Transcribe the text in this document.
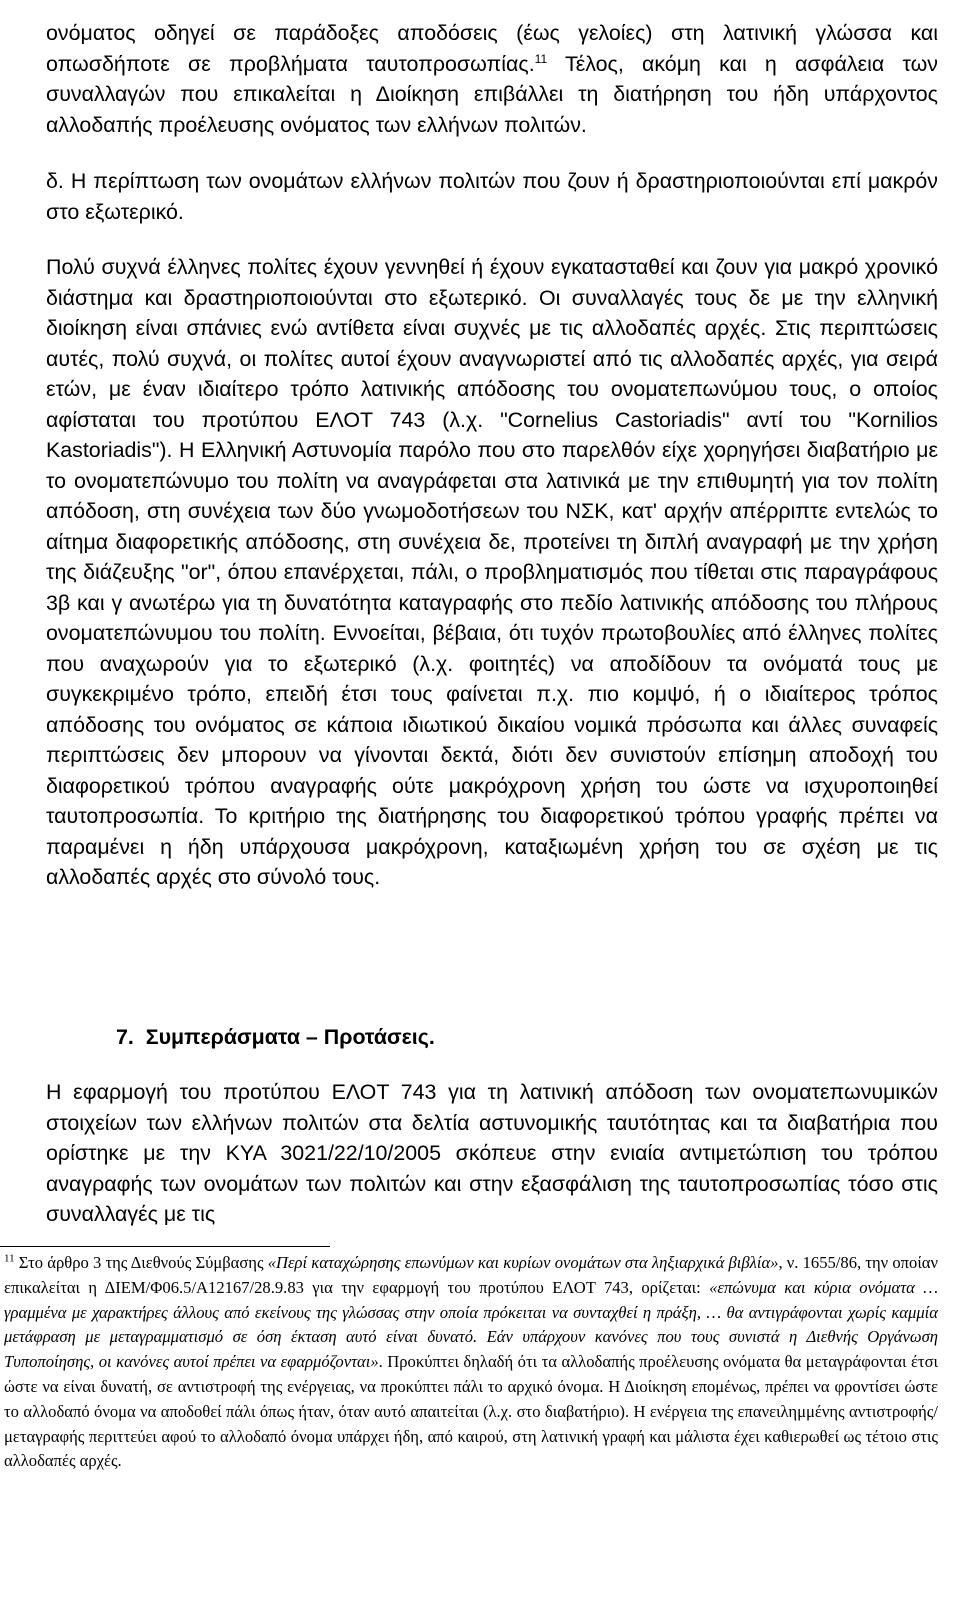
ονόματος οδηγεί σε παράδοξες αποδόσεις (έως γελοίες) στη λατινική γλώσσα και οπωσδήποτε σε προβλήματα ταυτοπροσωπίας.$^{11}$ Τέλος, ακόμη και η ασφάλεια των συναλλαγών που επικαλείται η Διοίκηση επιβάλλει τη διατήρηση του ήδη υπάρχοντος αλλοδαπής προέλευσης ονόματος των ελλήνων πολιτών.
δ. Η περίπτωση των ονομάτων ελλήνων πολιτών που ζουν ή δραστηριοποιούνται επί μακρόν στο εξωτερικό.
Πολύ συχνά έλληνες πολίτες έχουν γεννηθεί ή έχουν εγκατασταθεί και ζουν για μακρό χρονικό διάστημα και δραστηριοποιούνται στο εξωτερικό. Οι συναλλαγές τους δε με την ελληνική διοίκηση είναι σπάνιες ενώ αντίθετα είναι συχνές με τις αλλοδαπές αρχές. Στις περιπτώσεις αυτές, πολύ συχνά, οι πολίτες αυτοί έχουν αναγνωριστεί από τις αλλοδαπές αρχές, για σειρά ετών, με έναν ιδιαίτερο τρόπο λατινικής απόδοσης του ονοματεπωνύμου τους, ο οποίος αφίσταται του προτύπου ΕΛΟΤ 743 (λ.χ. "Cornelius Castoriadis" αντί του "Kornilios Kastoriadis"). Η Ελληνική Αστυνομία παρόλο που στο παρελθόν είχε χορηγήσει διαβατήριο με το ονοματεπώνυμο του πολίτη να αναγράφεται στα λατινικά με την επιθυμητή για τον πολίτη απόδοση, στη συνέχεια των δύο γνωμοδοτήσεων του ΝΣΚ, κατ' αρχήν απέρριπτε εντελώς το αίτημα διαφορετικής απόδοσης, στη συνέχεια δε, προτείνει τη διπλή αναγραφή με την χρήση της διάζευξης "or", όπου επανέρχεται, πάλι, ο προβληματισμός που τίθεται στις παραγράφους 3β και γ ανωτέρω για τη δυνατότητα καταγραφής στο πεδίο λατινικής απόδοσης του πλήρους ονοματεπώνυμου του πολίτη. Εννοείται, βέβαια, ότι τυχόν πρωτοβουλίες από έλληνες πολίτες που αναχωρούν για το εξωτερικό (λ.χ. φοιτητές) να αποδίδουν τα ονόματά τους με συγκεκριμένο τρόπο, επειδή έτσι τους φαίνεται π.χ. πιο κομψό, ή ο ιδιαίτερος τρόπος απόδοσης του ονόματος σε κάποια ιδιωτικού δικαίου νομικά πρόσωπα και άλλες συναφείς περιπτώσεις δεν μπορουν να γίνονται δεκτά, διότι δεν συνιστούν επίσημη αποδοχή του διαφορετικού τρόπου αναγραφής ούτε μακρόχρονη χρήση του ώστε να ισχυροποιηθεί ταυτοπροσωπία. Το κριτήριο της διατήρησης του διαφορετικού τρόπου γραφής πρέπει να παραμένει η ήδη υπάρχουσα μακρόχρονη, καταξιωμένη χρήση του σε σχέση με τις αλλοδαπές αρχές στο σύνολό τους.
7. Συμπεράσματα – Προτάσεις.
Η εφαρμογή του προτύπου ΕΛΟΤ 743 για τη λατινική απόδοση των ονοματεπωνυμικών στοιχείων των ελλήνων πολιτών στα δελτία αστυνομικής ταυτότητας και τα διαβατήρια που ορίστηκε με την ΚΥΑ 3021/22/10/2005 σκόπευε στην ενιαία αντιμετώπιση του τρόπου αναγραφής των ονομάτων των πολιτών και στην εξασφάλιση της ταυτοπροσωπίας τόσο στις συναλλαγές με τις
$^{11}$ Στο άρθρο 3 της Διεθνούς Σύμβασης «Περί καταχώρησης επωνύμων και κυρίων ονομάτων στα ληξιαρχικά βιβλία», ν. 1655/86, την οποίαν επικαλείται η ΔΙΕΜ/Φ06.5/Α12167/28.9.83 για την εφαρμογή του προτύπου ΕΛΟΤ 743, ορίζεται: «επώνυμα και κύρια ονόματα … γραμμένα με χαρακτήρες άλλους από εκείνους της γλώσσας στην οποία πρόκειται να συνταχθεί η πράξη, … θα αντιγράφονται χωρίς καμμία μετάφραση με μεταγραμματισμό σε όση έκταση αυτό είναι δυνατό. Εάν υπάρχουν κανόνες που τους συνιστά η Διεθνής Οργάνωση Τυποποίησης, οι κανόνες αυτοί πρέπει να εφαρμόζονται». Προκύπτει δηλαδή ότι τα αλλοδαπής προέλευσης ονόματα θα μεταγράφονται έτσι ώστε να είναι δυνατή, σε αντιστροφή της ενέργειας, να προκύπτει πάλι το αρχικό όνομα. Η Διοίκηση επομένως, πρέπει να φροντίσει ώστε το αλλοδαπό όνομα να αποδοθεί πάλι όπως ήταν, όταν αυτό απαιτείται (λ.χ. στο διαβατήριο). Η ενέργεια της επανειλημμένης αντιστροφής/μεταγραφής περιττεύει αφού το αλλοδαπό όνομα υπάρχει ήδη, από καιρού, στη λατινική γραφή και μάλιστα έχει καθιερωθεί ως τέτοιο στις αλλοδαπές αρχές.
